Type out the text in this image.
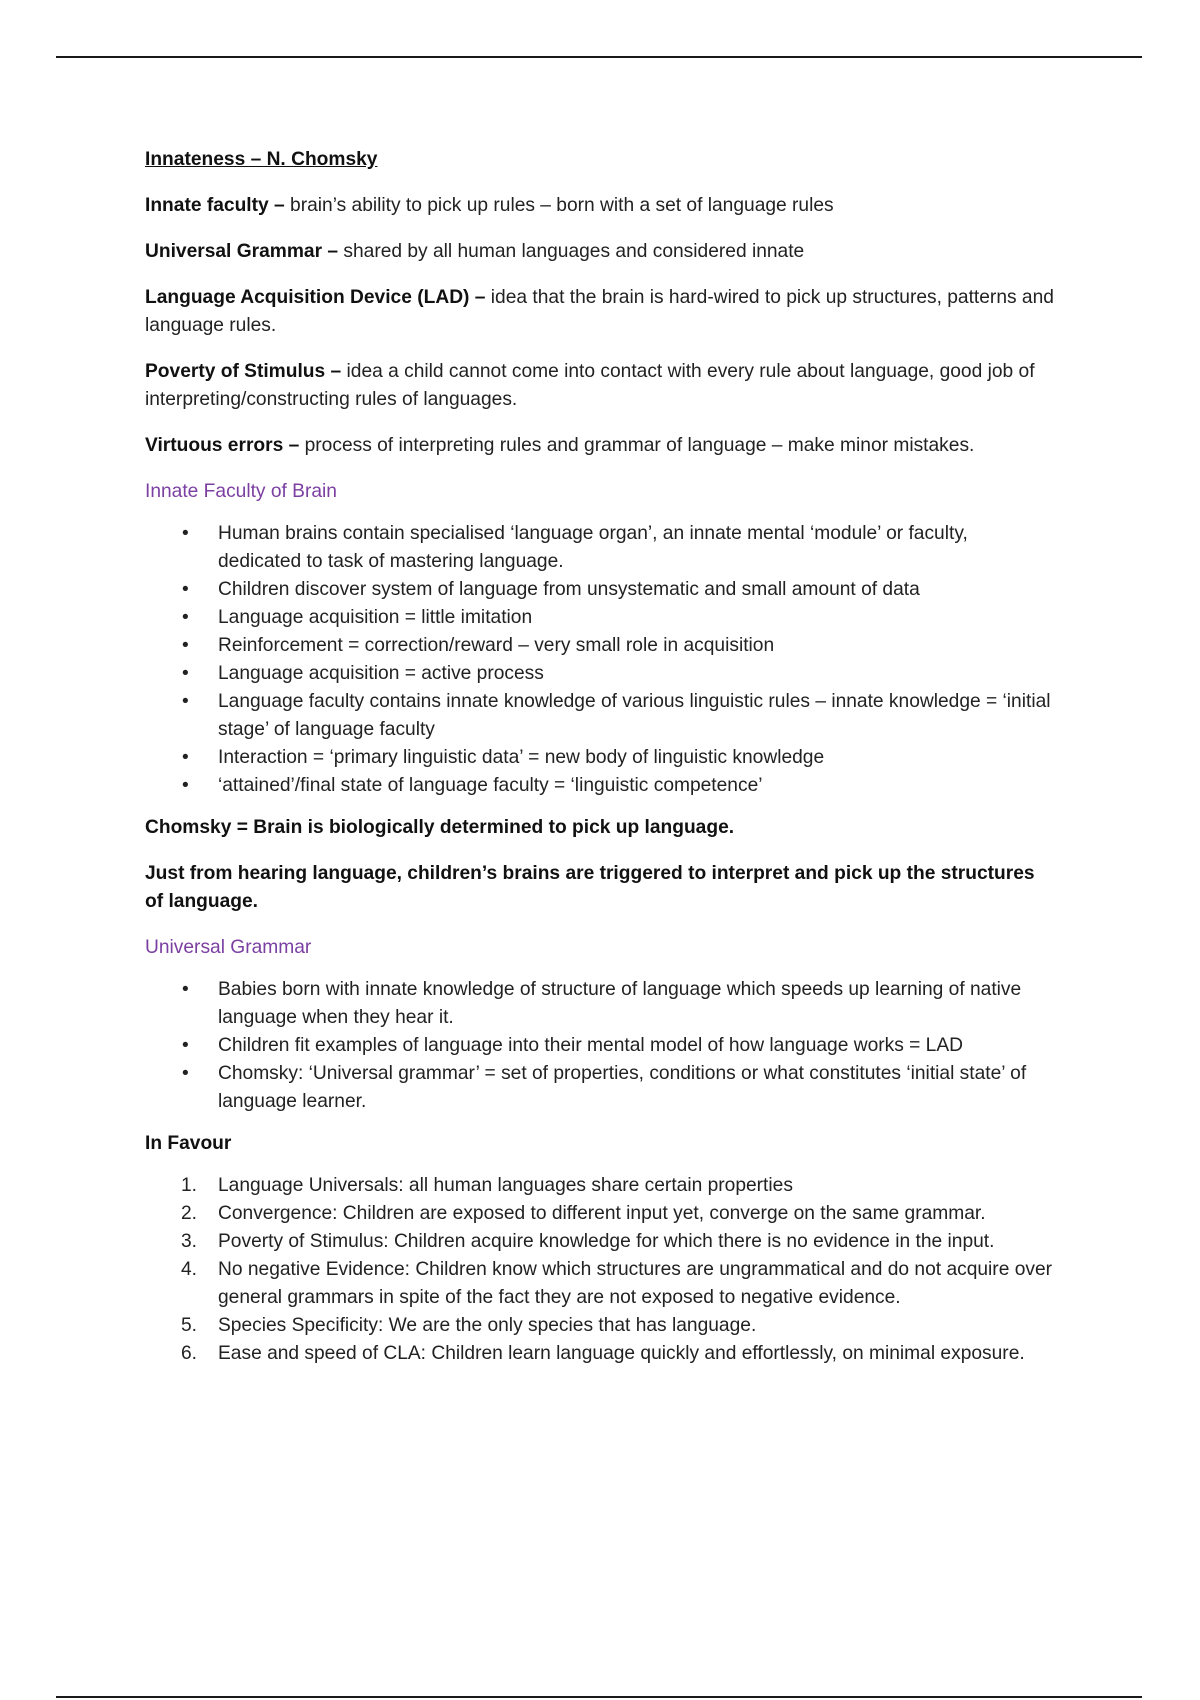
Innateness – N. Chomsky

Innate faculty – brain’s ability to pick up rules – born with a set of language rules

Universal Grammar – shared by all human languages and considered innate

Language Acquisition Device (LAD) – idea that the brain is hard-wired to pick up structures, patterns and language rules.

Poverty of Stimulus – idea a child cannot come into contact with every rule about language, good job of interpreting/constructing rules of languages.

Virtuous errors – process of interpreting rules and grammar of language – make minor mistakes.

Innate Faculty of Brain

• Human brains contain specialised ‘language organ’, an innate mental ‘module’ or faculty, dedicated to task of mastering language.
• Children discover system of language from unsystematic and small amount of data
• Language acquisition = little imitation
• Reinforcement = correction/reward – very small role in acquisition
• Language acquisition = active process
• Language faculty contains innate knowledge of various linguistic rules – innate knowledge = ‘initial stage’ of language faculty
• Interaction = ‘primary linguistic data’ = new body of linguistic knowledge
• ‘attained’/final state of language faculty = ‘linguistic competence’

Chomsky = Brain is biologically determined to pick up language.

Just from hearing language, children’s brains are triggered to interpret and pick up the structures of language.

Universal Grammar

• Babies born with innate knowledge of structure of language which speeds up learning of native language when they hear it.
• Children fit examples of language into their mental model of how language works = LAD
• Chomsky: ‘Universal grammar’ = set of properties, conditions or what constitutes ‘initial state’ of language learner.

In Favour

1. Language Universals: all human languages share certain properties
2. Convergence: Children are exposed to different input yet, converge on the same grammar.
3. Poverty of Stimulus: Children acquire knowledge for which there is no evidence in the input.
4. No negative Evidence: Children know which structures are ungrammatical and do not acquire over general grammars in spite of the fact they are not exposed to negative evidence.
5. Species Specificity: We are the only species that has language.
6. Ease and speed of CLA: Children learn language quickly and effortlessly, on minimal exposure.
